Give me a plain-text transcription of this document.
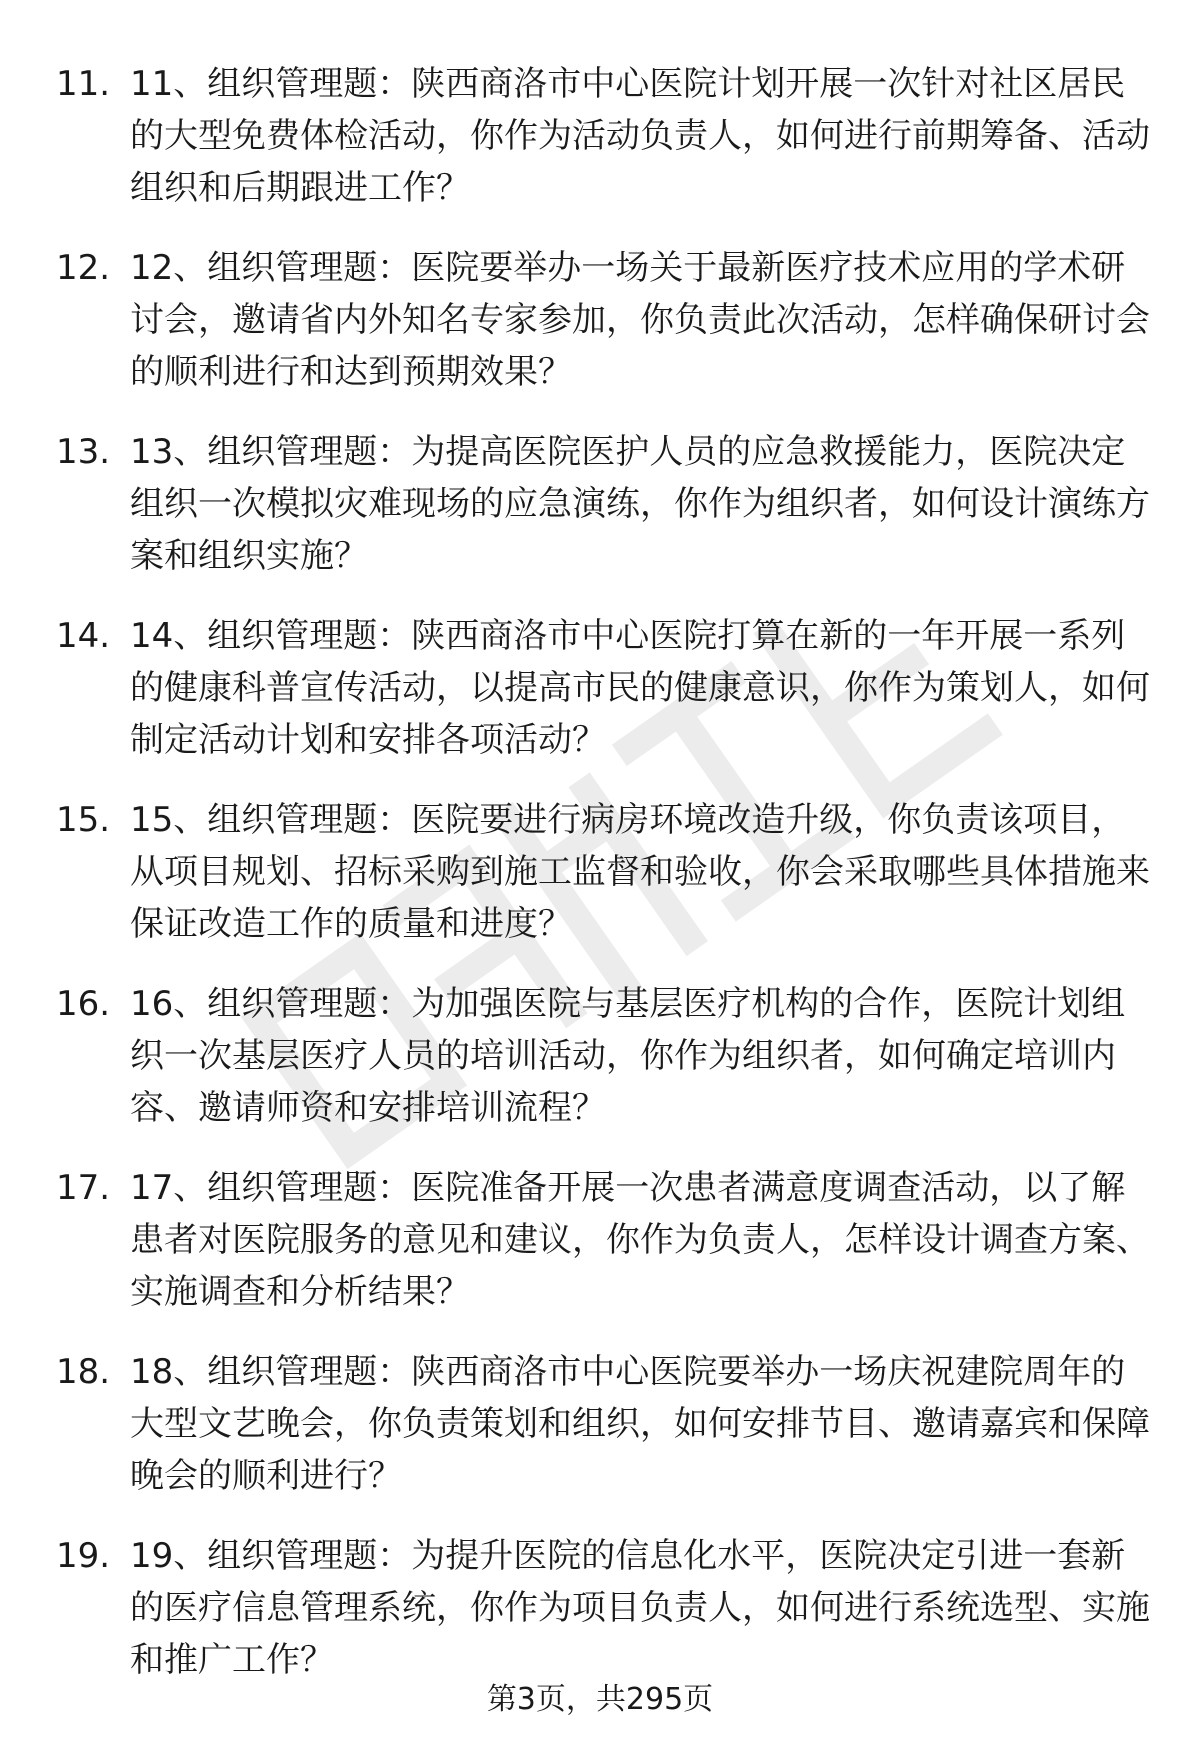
11. 11、组织管理题：陕西商洛市中心医院计划开展一次针对社区居民的大型免费体检活动，你作为活动负责人，如何进行前期筹备、活动组织和后期跟进工作？

12. 12、组织管理题：医院要举办一场关于最新医疗技术应用的学术研讨会，邀请省内外知名专家参加，你负责此次活动，怎样确保研讨会的顺利进行和达到预期效果？

13. 13、组织管理题：为提高医院医护人员的应急救援能力，医院决定组织一次模拟灾难现场的应急演练，你作为组织者，如何设计演练方案和组织实施？

14. 14、组织管理题：陕西商洛市中心医院打算在新的一年开展一系列的健康科普宣传活动，以提高市民的健康意识，你作为策划人，如何制定活动计划和安排各项活动？

15. 15、组织管理题：医院要进行病房环境改造升级，你负责该项目，从项目规划、招标采购到施工监督和验收，你会采取哪些具体措施来保证改造工作的质量和进度？

16. 16、组织管理题：为加强医院与基层医疗机构的合作，医院计划组织一次基层医疗人员的培训活动，你作为组织者，如何确定培训内容、邀请师资和安排培训流程？

17. 17、组织管理题：医院准备开展一次患者满意度调查活动，以了解患者对医院服务的意见和建议，你作为负责人，怎样设计调查方案、实施调查和分析结果？

18. 18、组织管理题：陕西商洛市中心医院要举办一场庆祝建院周年的大型文艺晚会，你负责策划和组织，如何安排节目、邀请嘉宾和保障晚会的顺利进行？

19. 19、组织管理题：为提升医院的信息化水平，医院决定引进一套新的医疗信息管理系统，你作为项目负责人，如何进行系统选型、实施和推广工作？

第3页，共295页
